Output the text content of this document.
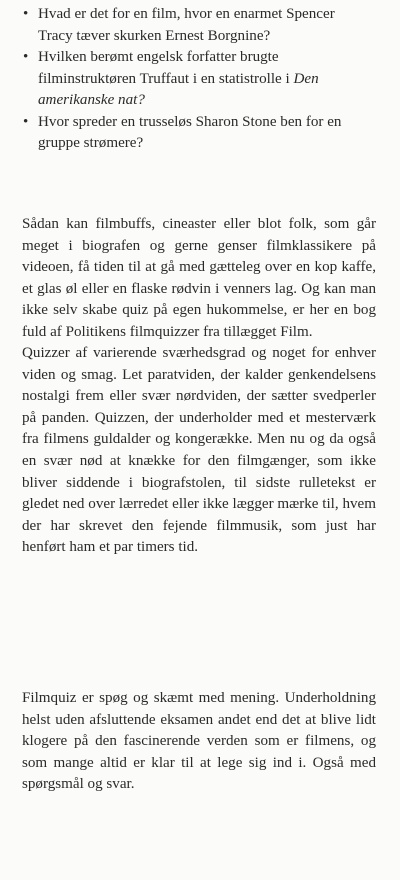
• Hvad er det for en film, hvor en enarmet Spencer Tracy tæver skurken Ernest Borgnine?
• Hvilken berømt engelsk forfatter brugte filminstruktøren Truffaut i en statistrolle i Den amerikanske nat?
• Hvor spreder en trusseløs Sharon Stone ben for en gruppe strømere?

Sådan kan filmbuffs, cineaster eller blot folk, som går meget i biografen og gerne genser filmklassikere på videoen, få tiden til at gå med gætteleg over en kop kaffe, et glas øl eller en flaske rødvin i venners lag. Og kan man ikke selv skabe quiz på egen hukommelse, er her en bog fuld af Politikens filmquizzer fra tillægget Film.

Quizzer af varierende sværhedsgrad og noget for enhver viden og smag. Let paratviden, der kalder genkendelsens nostalgi frem eller svær nørdviden, der sætter svedperler på panden. Quizzen, der underholder med et mesterværk fra filmens guldalder og kongerække. Men nu og da også en svær nød at knække for den filmgænger, som ikke bliver siddende i biografstolen, til sidste rulletekst er gledet ned over lærredet eller ikke lægger mærke til, hvem der har skrevet den fejende filmmusik, som just har henført ham et par timers tid.

Filmquiz er spøg og skæmt med mening. Underholdning helst uden afsluttende eksamen andet end det at blive lidt klogere på den fascinerende verden som er filmens, og som mange altid er klar til at lege sig ind i. Også med spørgsmål og svar.
